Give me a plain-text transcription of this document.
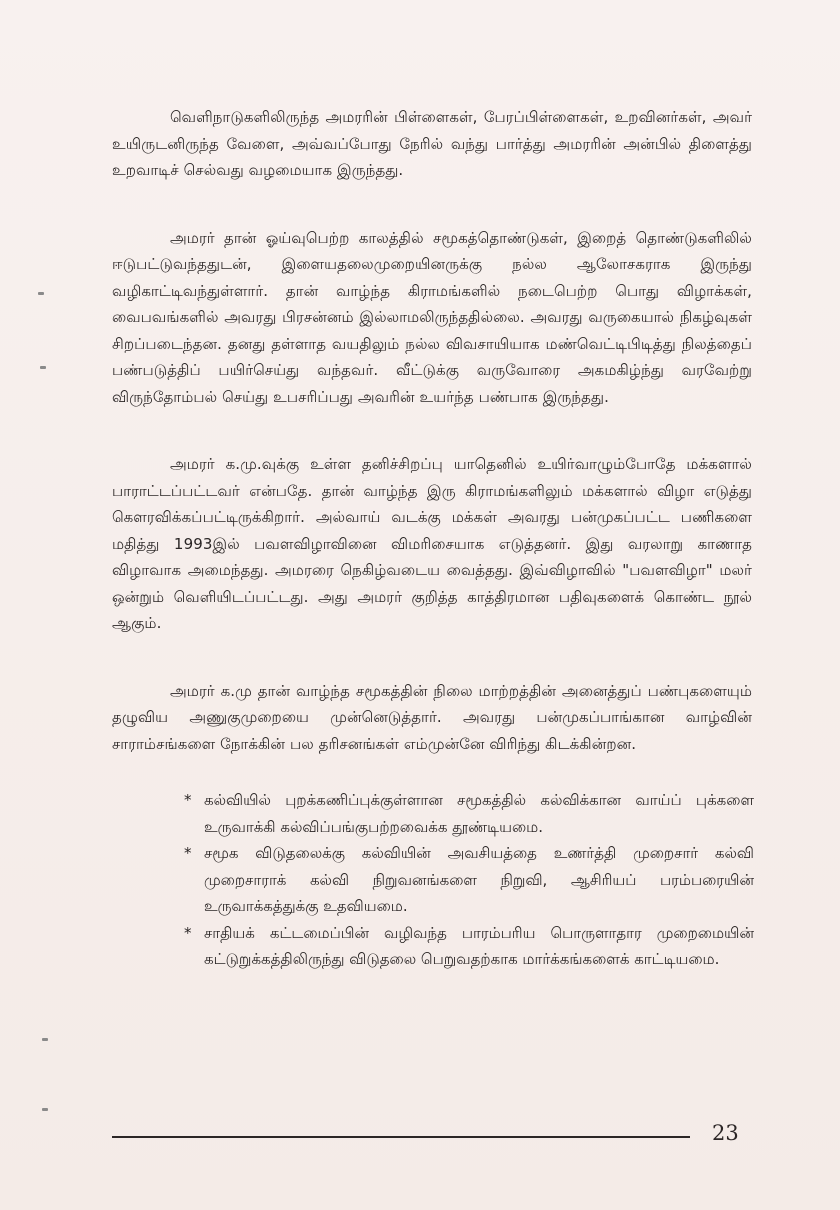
வெளிநாடுகளிலிருந்த அமரரின் பிள்ளைகள், பேரப்பிள்ளைகள், உறவினர்கள், அவர் உயிருடனிருந்த வேளை, அவ்வப்போது நேரில் வந்து பார்த்து அமரரின் அன்பில் திளைத்து உறவாடிச் செல்வது வழமையாக இருந்தது.

அமரர் தான் ஓய்வுபெற்ற காலத்தில் சமூகத்தொண்டுகள், இறைத் தொண்டுகளிலில் ஈடுபட்டுவந்ததுடன், இளையதலைமுறையினருக்கு நல்ல ஆலோசகராக இருந்து வழிகாட்டிவந்துள்ளார். தான் வாழ்ந்த கிராமங்களில் நடைபெற்ற பொது விழாக்கள், வைபவங்களில் அவரது பிரசன்னம் இல்லாமலிருந்ததில்லை. அவரது வருகையால் நிகழ்வுகள் சிறப்படைந்தன. தனது தள்ளாத வயதிலும் நல்ல விவசாயியாக மண்வெட்டிபிடித்து நிலத்தைப் பண்படுத்திப் பயிர்செய்து வந்தவர். வீட்டுக்கு வருவோரை அகமகிழ்ந்து வரவேற்று விருந்தோம்பல் செய்து உபசரிப்பது அவரின் உயர்ந்த பண்பாக இருந்தது.

அமரர் க.மு.வுக்கு உள்ள தனிச்சிறப்பு யாதெனில் உயிர்வாழும்போதே மக்களால் பாராட்டப்பட்டவர் என்பதே. தான் வாழ்ந்த இரு கிராமங்களிலும் மக்களால் விழா எடுத்து கௌரவிக்கப்பட்டிருக்கிறார். அல்வாய் வடக்கு மக்கள் அவரது பன்முகப்பட்ட பணிகளை மதித்து 1993இல் பவளவிழாவினை விமரிசையாக எடுத்தனர். இது வரலாறு காணாத விழாவாக அமைந்தது. அமரரை நெகிழ்வடைய வைத்தது. இவ்விழாவில் "பவளவிழா" மலர் ஒன்றும் வெளியிடப்பட்டது. அது அமரர் குறித்த காத்திரமான பதிவுகளைக் கொண்ட நூல் ஆகும்.

அமரர் க.மு தான் வாழ்ந்த சமூகத்தின் நிலை மாற்றத்தின் அனைத்துப் பண்புகளையும் தழுவிய அணுகுமுறையை முன்னெடுத்தார். அவரது பன்முகப்பாங்கான வாழ்வின் சாராம்சங்களை நோக்கின் பல தரிசனங்கள் எம்முன்னே விரிந்து கிடக்கின்றன.

* கல்வியில் புறக்கணிப்புக்குள்ளான சமூகத்தில் கல்விக்கான வாய்ப் புக்களை உருவாக்கி கல்விப்பங்குபற்றவைக்க தூண்டியமை.
* சமூக விடுதலைக்கு கல்வியின் அவசியத்தை உணர்த்தி முறைசார் கல்வி முறைசாராக் கல்வி நிறுவனங்களை நிறுவி, ஆசிரியப் பரம்பரையின் உருவாக்கத்துக்கு உதவியமை.
* சாதியக் கட்டமைப்பின் வழிவந்த பாரம்பரிய பொருளாதார முறைமையின் கட்டுறுக்கத்திலிருந்து விடுதலை பெறுவதற்காக மார்க்கங்களைக் காட்டியமை.
23
